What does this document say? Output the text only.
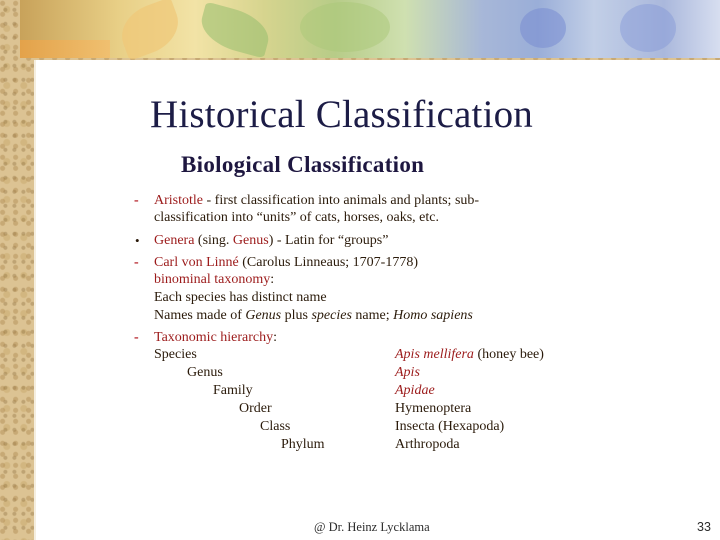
Historical Classification
Biological Classification
- Aristotle - first classification into animals and plants; sub-
classification into “units” of cats, horses, oaks, etc.
• Genera (sing. Genus) - Latin for “groups”
- Carl von Linné (Carolus Linneaus; 1707-1778)
binominal taxonomy:
Each species has distinct name
Names made of Genus plus species name; Homo sapiens
- Taxonomic hierarchy:
Species
Genus
Family
Order
Class
Phylum
Apis mellifera (honey bee)
Apis
Apidae
Hymenoptera
Insecta (Hexapoda)
Arthropoda
@ Dr. Heinz Lycklama	33
